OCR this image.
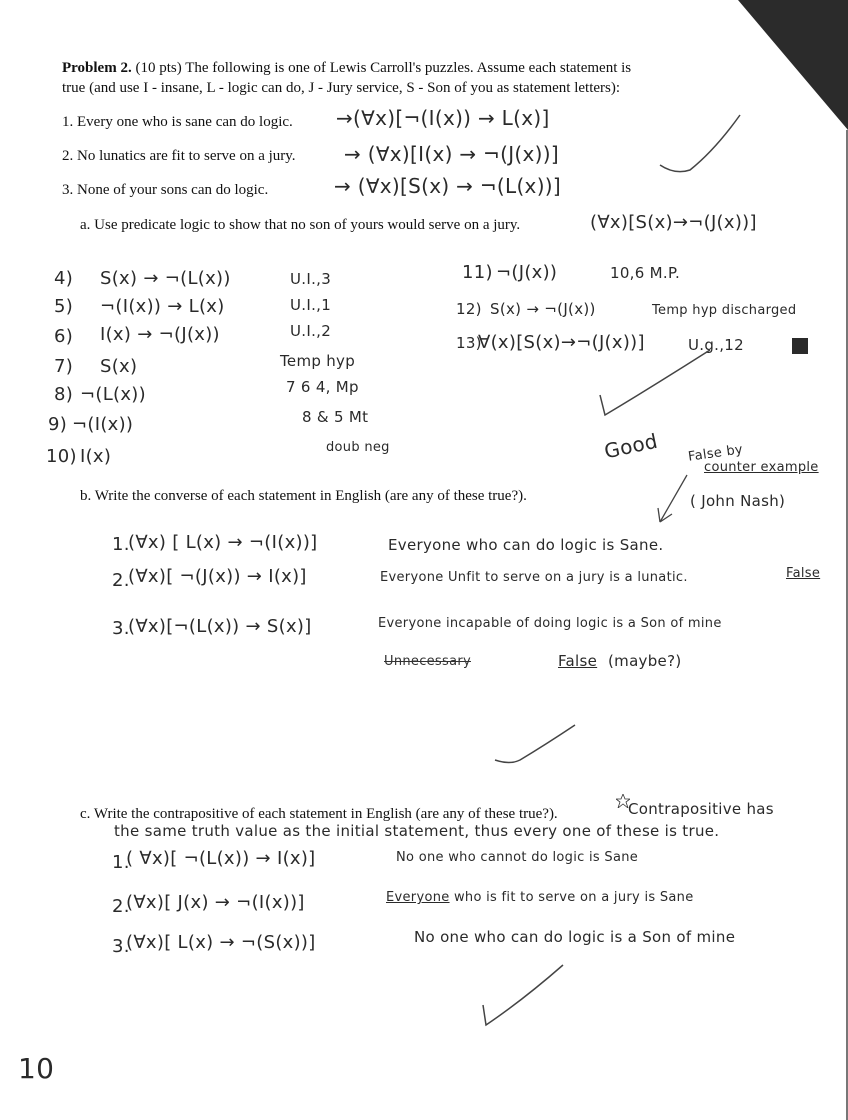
Problem 2. (10 pts) The following is one of Lewis Carroll's puzzles. Assume each statement is
true (and use I - insane, L - logic can do, J - Jury service, S - Son of you as statement letters):
1. Every one who is sane can do logic. →(∀x)[¬(I(x)) → L(x)]
2. No lunatics are fit to serve on a jury. → (∀x)[I(x) → ¬(J(x))]
3. None of your sons can do logic.	→ (∀x)[S(x) → ¬(L(x))]
a. Use predicate logic to show that no son of yours would serve on a jury.	(∀x)[S(x)→¬(J(x))]
4) S(x) → ¬(L(x))	U.I.,3
5) ¬(I(x)) → L(x)	U.I.,1
6) I(x) → ¬(J(x))	U.I.,2
7) S(x)	Temp hyp
8) ¬(L(x))	7 6 4, Mp
9) ¬(I(x))	8 & 5 Mt
10) I(x)	doub neg
11) ¬(J(x))	10,6 M.P.
12) S(x) → ¬(J(x))	Temp hyp discharged
13)
∀(x)[S(x)→¬(J(x))]	U.g.,12
Good False by
counter example
( John Nash)
b. Write the converse of each statement in English (are any of these true?).
1.
(∀x) [ L(x) → ¬(I(x))]	Everyone who can do logic is Sane.
2.
(∀x)[ ¬(J(x)) → I(x)]	Everyone Unfit to serve on a jury is a lunatic.	False
3.
(∀x)[¬(L(x)) → S(x)]	Everyone incapable of doing logic is a Son of mine
Unnecessary	False (maybe?)
c. Write the contrapositive of each statement in English (are any of these true?).	Contrapositive has
the same truth value as the initial statement, thus every one of these is true.
1.
( ∀x)[ ¬(L(x)) → I(x)]	No one who cannot do logic is Sane
2.
(∀x)[ J(x) → ¬(I(x))]	Everyone who is fit to serve on a jury is Sane
3.
(∀x)[ L(x) → ¬(S(x))]	No one who can do logic is a Son of mine
10
